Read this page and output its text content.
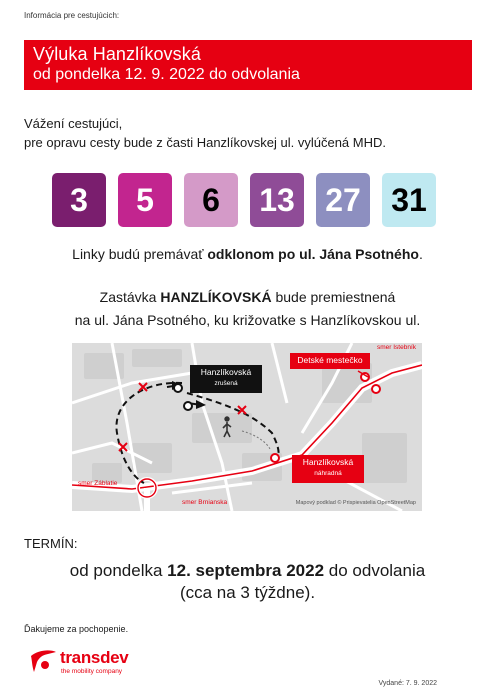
Informácia pre cestujúcich:
Výluka Hanzlíkovská
od pondelka 12. 9. 2022 do odvolania
Vážení cestujúci,
pre opravu cesty bude z časti Hanzlíkovskej ul. vylúčená MHD.
3	5	6	13 27 31
Linky budú premávať odklonom po ul. Jána Psotného.
Zastávka HANZLÍKOVSKÁ bude premiestnená
na ul. Jána Psotného, ku križovatke s Hanzlíkovskou ul.
Hanzlíkovská
zrušená
Detské mestečko
Hanzlíkovská
náhradná
smer Istebník
smer Záblatie
smer Brnianska	Mapový podklad © Prispievatelia OpenStreetMap
TERMÍN:
od pondelka 12. septembra 2022 do odvolania
(cca na 3 týždne).
Ďakujeme za pochopenie.
transdev
the mobility company
Vydané: 7. 9. 2022
